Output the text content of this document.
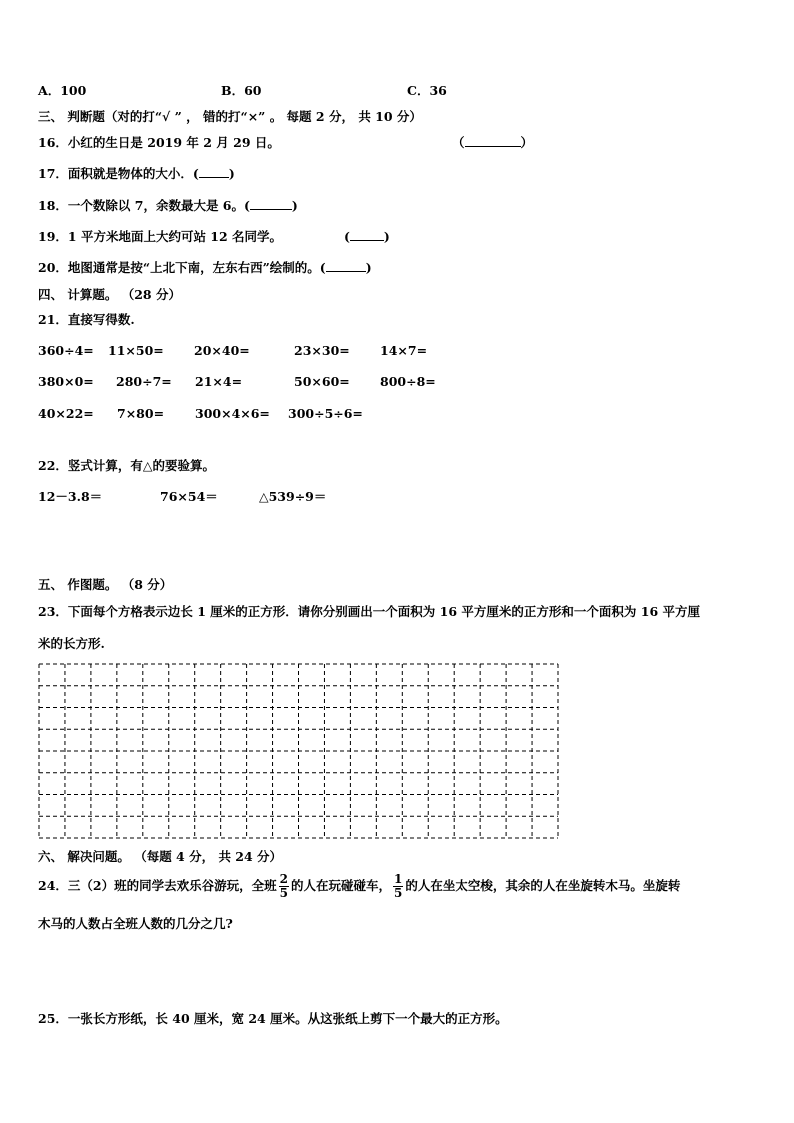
A．100	B．60	C．36
三、 判断题（对的打“√ ” ， 错的打“×” 。 每题 2 分， 共 10 分）
16．小红的生日是 2019 年 2 月 29 日。	（	）
17．面积就是物体的大小．( )
18．一个数除以 7，余数最大是 6。(	)
19．1 平方米地面上大约可站 12 名同学。	(	)
20．地图通常是按“上北下南，左东右西”绘制的。(	)
四、 计算题。 （28 分）
21．直接写得数.
360÷4= 11×50= 20×40=	23×30= 14×7=
380×0= 280÷7= 21×4=	50×60= 800÷8=
40×22= 7×80= 300×4×6= 300÷5÷6=
22．竖式计算，有△的要验算。
12－3.8＝	76×54＝	△539÷9＝
五、 作图题。 （8 分）
23．下面每个方格表示边长 1 厘米的正方形．请你分别画出一个面积为 16 平方厘米的正方形和一个面积为 16 平方厘
米的长方形.
六、 解决问题。 （每题 4 分， 共 24 分）
24．三（2）班的同学去欢乐谷游玩，全班 $\frac{2}{5}$ 的人在玩碰碰车， $\frac{1}{5}$ 的人在坐太空梭，其余的人在坐旋转木马。坐旋转
木马的人数占全班人数的几分之几?
25．一张长方形纸，长 40 厘米，宽 24 厘米。从这张纸上剪下一个最大的正方形。
